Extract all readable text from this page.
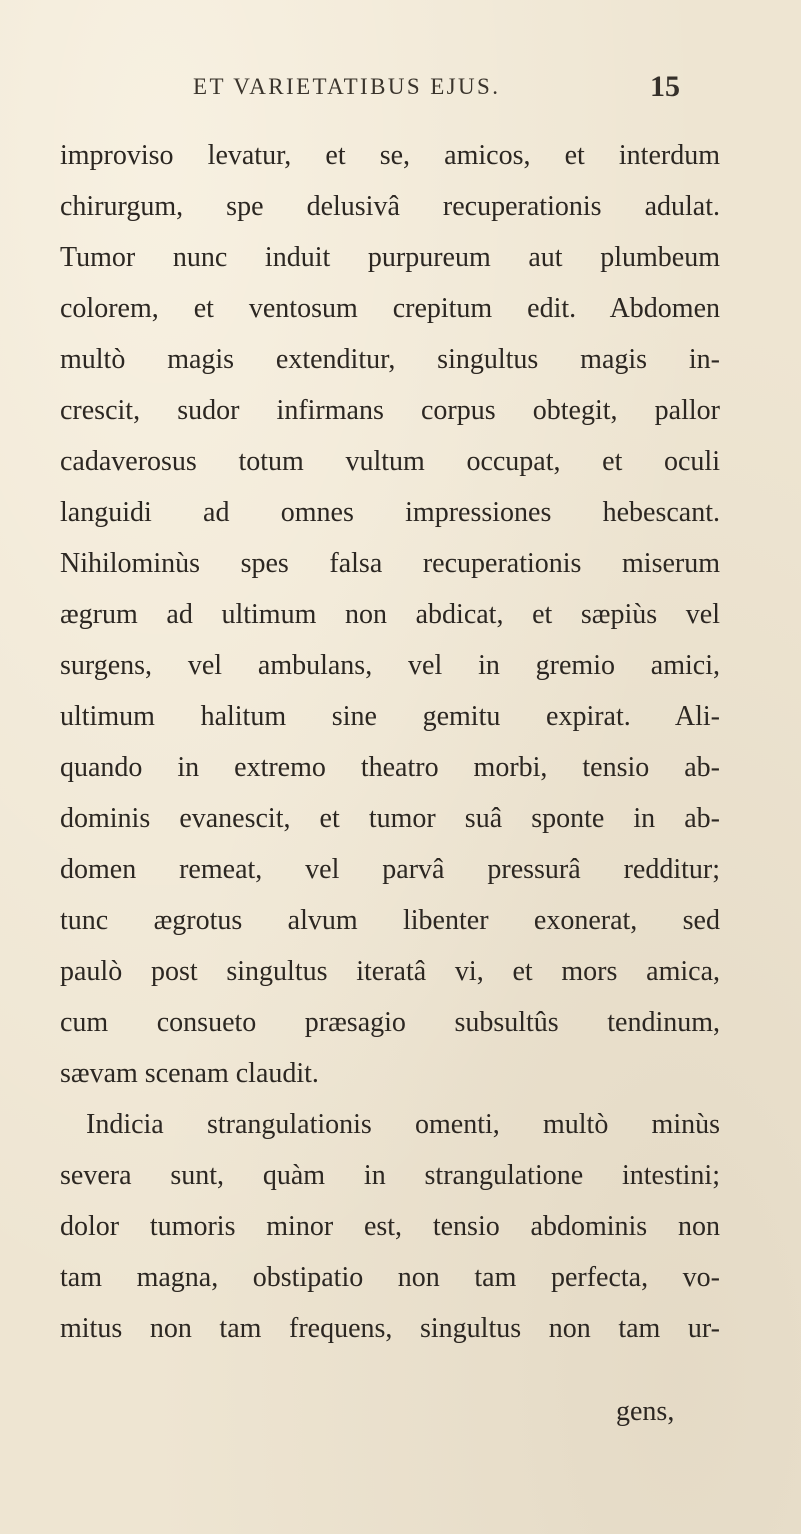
ET VARIETATIBUS EJUS.	15
improviso levatur, et se, amicos, et interdum
chirurgum, spe delusivâ recuperationis adulat.
Tumor nunc induit purpureum aut plumbeum
colorem, et ventosum crepitum edit. Abdomen
multò magis extenditur, singultus magis in-
crescit, sudor infirmans corpus obtegit, pallor
cadaverosus totum vultum occupat, et oculi
languidi ad omnes impressiones hebescant.
Nihilominùs spes falsa recuperationis miserum
ægrum ad ultimum non abdicat, et sæpiùs vel
surgens, vel ambulans, vel in gremio amici,
ultimum halitum sine gemitu expirat. Ali-
quando in extremo theatro morbi, tensio ab-
dominis evanescit, et tumor suâ sponte in ab-
domen remeat, vel parvâ pressurâ redditur;
tunc ægrotus alvum libenter exonerat, sed
paulò post singultus iteratâ vi, et mors amica,
cum consueto præsagio subsultûs tendinum,
sævam scenam claudit.
Indicia strangulationis omenti, multò minùs
severa sunt, quàm in strangulatione intestini;
dolor tumoris minor est, tensio abdominis non
tam magna, obstipatio non tam perfecta, vo-
mitus non tam frequens, singultus non tam ur-
gens,
